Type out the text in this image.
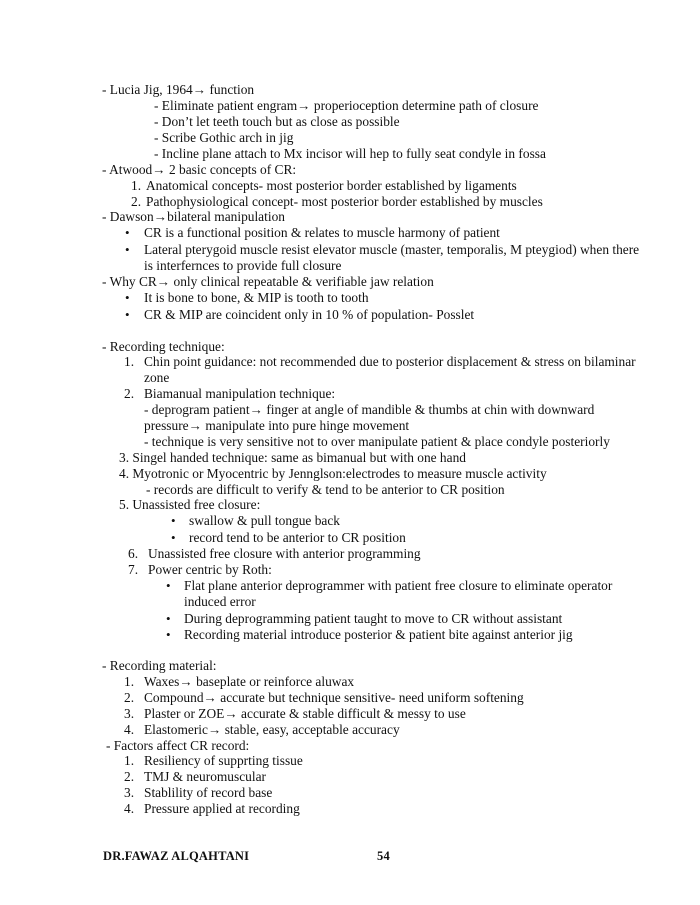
- Lucia Jig, 1964→ function
- Eliminate patient engram→ properioception determine path of closure
- Don’t let teeth touch but as close as possible
- Scribe Gothic arch in jig
- Incline plane attach to Mx incisor will hep to fully seat condyle in fossa
- Atwood→ 2 basic concepts of CR:
1. Anatomical concepts- most posterior border established by ligaments
2. Pathophysiological concept- most posterior border established by muscles
- Dawson→bilateral manipulation
• CR is a functional position & relates to muscle harmony of patient
• Lateral pterygoid muscle resist elevator muscle (master, temporalis, M pteygiod) when there
is interfernces to provide full closure
- Why CR→ only clinical repeatable & verifiable jaw relation
• It is bone to bone, & MIP is tooth to tooth
• CR & MIP are coincident only in 10 % of population- Posslet
- Recording technique:
1. Chin point guidance: not recommended due to posterior displacement & stress on bilaminar
zone
2. Biamanual manipulation technique:
- deprogram patient→ finger at angle of mandible & thumbs at chin with downward
pressure→ manipulate into pure hinge movement
- technique is very sensitive not to over manipulate patient & place condyle posteriorly
3. Singel handed technique: same as bimanual but with one hand
4. Myotronic or Myocentric by Jennglson:electrodes to measure muscle activity
- records are difficult to verify & tend to be anterior to CR position
5. Unassisted free closure:
• swallow & pull tongue back
• record tend to be anterior to CR position
6. Unassisted free closure with anterior programming
7. Power centric by Roth:
• Flat plane anterior deprogrammer with patient free closure to eliminate operator
induced error
• During deprogramming patient taught to move to CR without assistant
• Recording material introduce posterior & patient bite against anterior jig
- Recording material:
1. Waxes→ baseplate or reinforce aluwax
2. Compound→ accurate but technique sensitive- need uniform softening
3. Plaster or ZOE→ accurate & stable difficult & messy to use
4. Elastomeric→ stable, easy, acceptable accuracy
- Factors affect CR record:
1. Resiliency of supprting tissue
2. TMJ & neuromuscular
3. Stablility of record base
4. Pressure applied at recording
DR.FAWAZ ALQAHTANI	54
